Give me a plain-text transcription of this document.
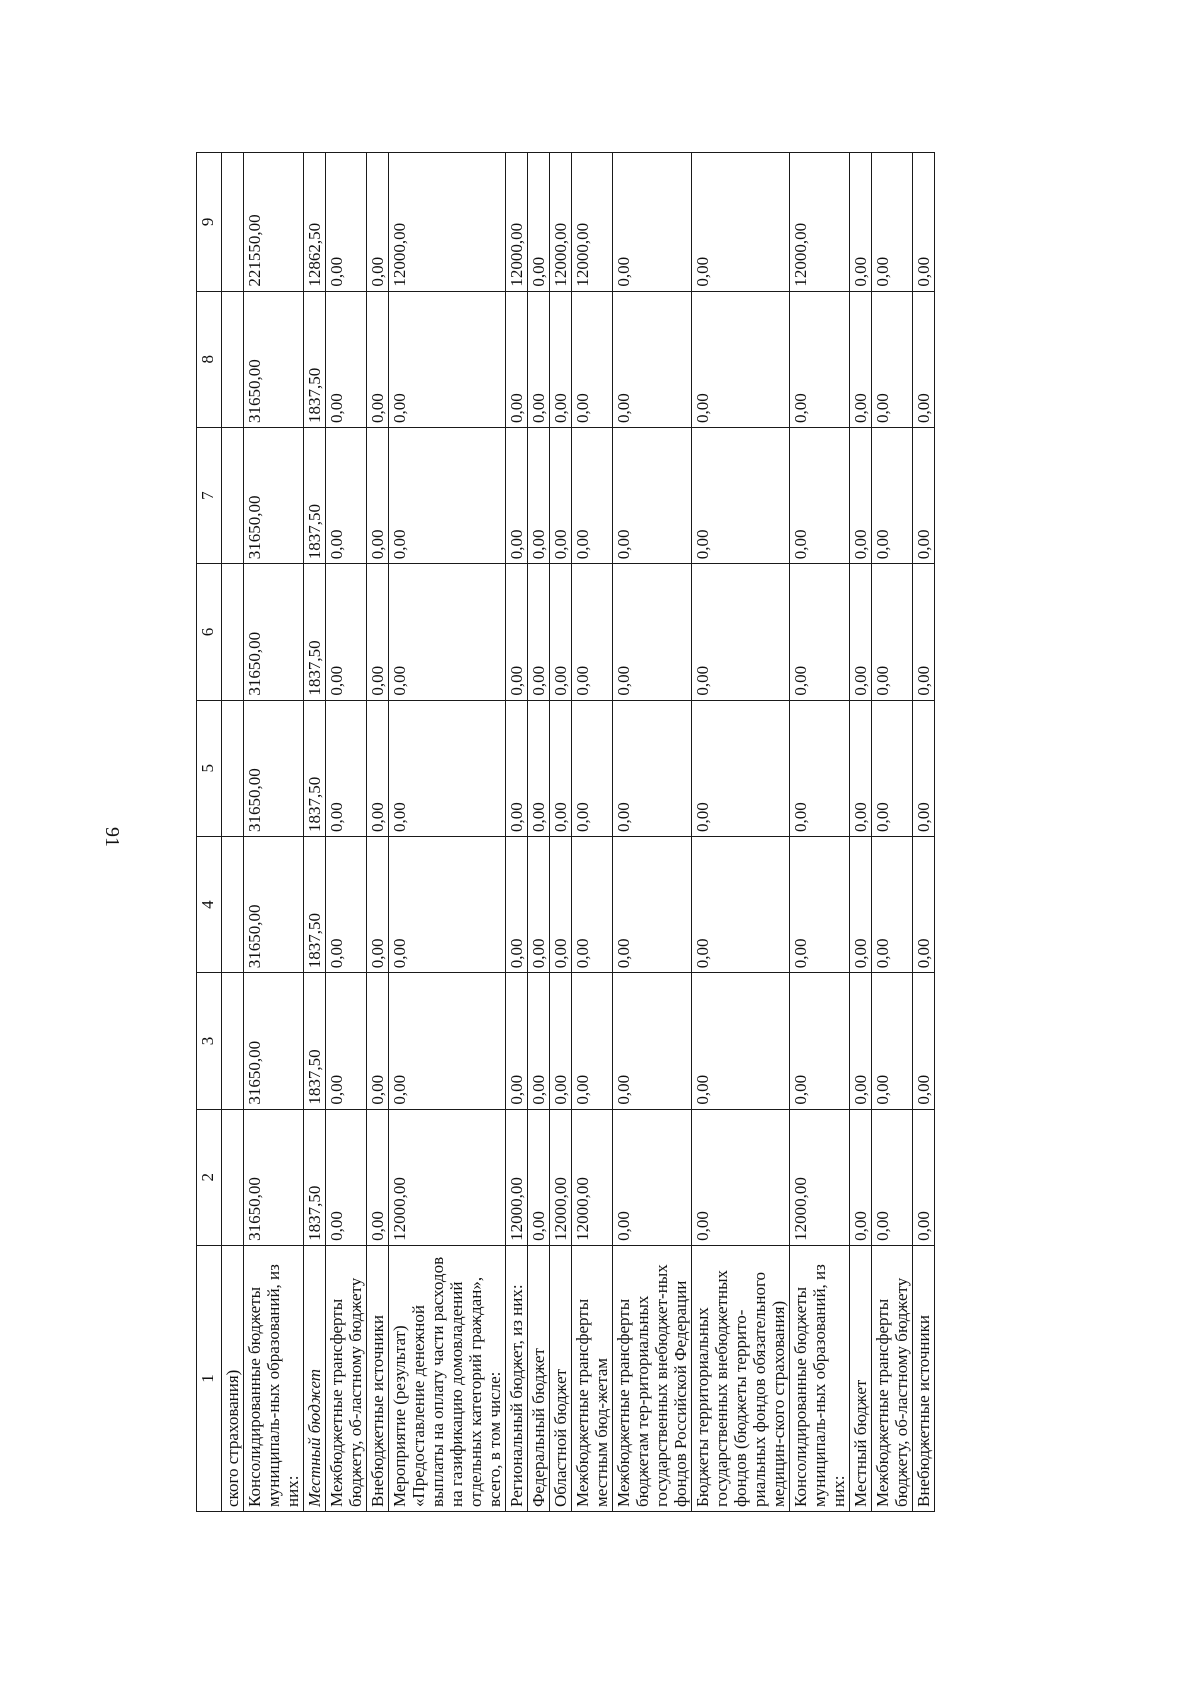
91
1	2	3	4	5	6	7	8	9
ского страхования)								
Консолидированные бюджеты муниципаль-ных образований, из них:	31650,00	31650,00	31650,00	31650,00	31650,00	31650,00	31650,00	221550,00
Местный бюджет	1837,50	1837,50	1837,50	1837,50	1837,50	1837,50	1837,50	12862,50
Межбюджетные трансферты бюджету, об-ластному бюджету	0,00	0,00	0,00	0,00	0,00	0,00	0,00	0,00
Внебюджетные источники	0,00	0,00	0,00	0,00	0,00	0,00	0,00	0,00
Мероприятие (результат) «Предоставление денежной выплаты на оплату части расходов на газификацию домовладений отдельных категорий граждан», всего, в том числе:	12000,00	0,00	0,00	0,00	0,00	0,00	0,00	12000,00
Региональный бюджет, из них:	12000,00	0,00	0,00	0,00	0,00	0,00	0,00	12000,00
Федеральный бюджет	0,00	0,00	0,00	0,00	0,00	0,00	0,00	0,00
Областной бюджет	12000,00	0,00	0,00	0,00	0,00	0,00	0,00	12000,00
Межбюджетные трансферты местным бюд-жетам	12000,00	0,00	0,00	0,00	0,00	0,00	0,00	12000,00
Межбюджетные трансферты бюджетам тер-риториальных государственных внебюджет-ных фондов Российской Федерации	0,00	0,00	0,00	0,00	0,00	0,00	0,00	0,00
Бюджеты территориальных государственных внебюджетных фондов (бюджеты террито-риальных фондов обязательного медицин-ского страхования)	0,00	0,00	0,00	0,00	0,00	0,00	0,00	0,00
Консолидированные бюджеты муниципаль-ных образований, из них:	12000,00	0,00	0,00	0,00	0,00	0,00	0,00	12000,00
Местный бюджет	0,00	0,00	0,00	0,00	0,00	0,00	0,00	0,00
Межбюджетные трансферты бюджету, об-ластному бюджету	0,00	0,00	0,00	0,00	0,00	0,00	0,00	0,00
Внебюджетные источники	0,00	0,00	0,00	0,00	0,00	0,00	0,00	0,00
